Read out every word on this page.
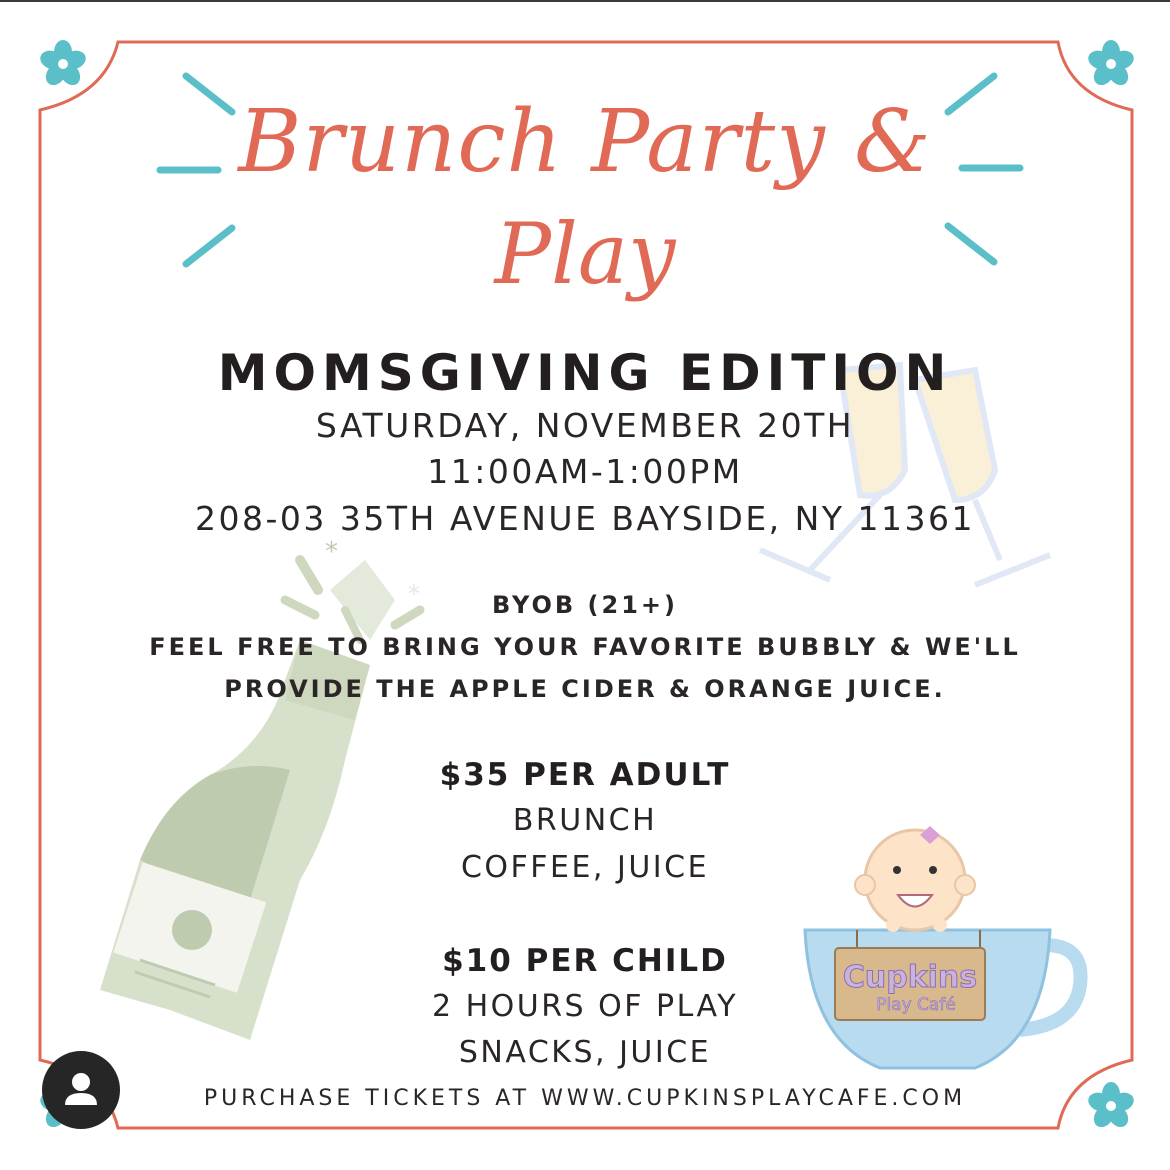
*
*
Cupkins
Play Café
Brunch Party &
Play
MOMSGIVING EDITION
SATURDAY, NOVEMBER 20TH
11:00AM-1:00PM
208-03 35TH AVENUE BAYSIDE, NY 11361
BYOB (21+)
FEEL FREE TO BRING YOUR FAVORITE BUBBLY & WE'LL
PROVIDE THE APPLE CIDER & ORANGE JUICE.
$35 PER ADULT
BRUNCH
COFFEE, JUICE
$10 PER CHILD
2 HOURS OF PLAY
SNACKS, JUICE
PURCHASE TICKETS AT WWW.CUPKINSPLAYCAFE.COM
